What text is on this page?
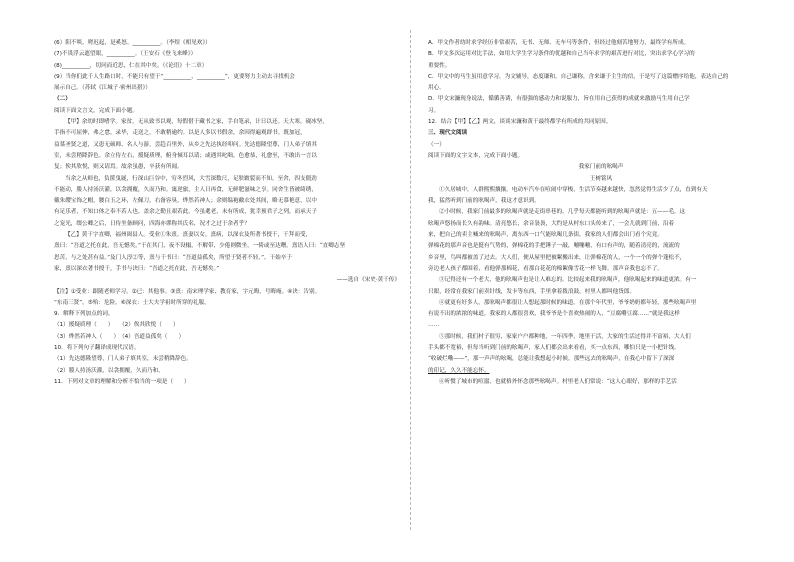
(6）阳不啖，嗟迟起，是奚怒。__________。（李煜《相见欢》）

(7)不畏浮云遮望眼，__________。（王安石《登飞来峰》）

(8)__________，切问而近思，仁在其中矣。（《论语》十二章）

(9）当你们此千人生路口时，不能只有望于“__________，__________”，更要努力主动去寻找机会

展示自己。（苏轼《江城子·密州出猎》）

（二）

阅读下面文言文，完成下面小题。

【甲】余幼时即嗜学。家贫，无从致书以观，每假借于藏书之家，手自笔录，计日以还。天大寒，砚冰坚，

手指不可屈伸，弗之怠。录毕，走送之，不敢稍逾约。以是人多以书假余，余因得遍观群书。既加冠，

益慕圣贤之道，又患无硕师、名人与游，尝趋百里外，从乡之先达执经叩问。先达德隆望尊，门人弟子填其

室，未尝稍降辞色。余立侍左右，援疑质理，俯身倾耳以请；或遇其叱咄，色愈恭，礼愈至，不敢出一言以

复；俟其欣悦，则又请焉。故余虽愚，卒获有所闻。

当余之从师也，负箧曳屣，行深山巨谷中，穷冬烈风，大雪深数尺，足肤皲裂而不知。至舍，四支僵劲

不能动，媵人持汤沃灌，以衾拥覆，久而乃和。寓逆旅，主人日再食，无鲜肥滋味之享。同舍生皆被绮绣，

戴朱缨宝饰之帽，腰白玉之环，左佩刀，右备容臭，烨然若神人；余则缊袍敝衣处其间，略无慕艳意，以中

有足乐者，不知口体之奉不若人也。盖余之勤且艰若此。今虽耄老，未有所成，犹幸预君子之列，而承天子

之宠光，缀公卿之后，日侍坐备顾问，四海亦谬称其氏名，况才之过于余者乎？

【乙】黄干字直卿，福州闽县人。受业①朱熹。熹妻以女。熹病，以深衣及所著书授干，干拜而受，

熹曰：“吾道之托在此，吾无憾矣。”干在其门，夜不设榻，不解带，少倦则微坐，一倚或至达曙。熹语人曰：“直卿志坚

思苦，与之处甚有益。”及门人淳②等，熹与干书曰：“吾道益孤矣，所望于贤者不轻，”。干始卒于

家，熹以深衣著书授干，手书与诀曰：“吾道之托在此，吾无憾矣。”

——选自《宋史·黄干传》

【注】①受业：跟随老师学习。②已：其他事。③熹：南宋理学家、教育家，字元晦，号晦庵。④诀：告别。

“东南三贤”。⑤殆：危险。⑥深衣：士大夫学祖时所穿的礼服。

9．解释下列加点的词。

（1）援疑质理（　　）　　（2）俟其欣悦（　　）

（3）烨然若神人（　　）　（4）吾道益孤矣（　　）

10．将下列句子翻译成现代汉语。

（1）先达德隆望尊，门人弟子填其室，未尝稍降辞色。

（2）媵人持汤沃灌，以衾拥覆，久而乃和。

11．下列对文章的理解和分析不恰当的一项是（　　）

A．甲文作者幼时求学经历非常艰苦，无书、无师、无车马等条件，但经过他刻苦地努力，最终学有所成。

B．甲文多次运用对比手法，如用大学生学习条件的优越和自己当年求学的艰苦进行对比，突出求学心学习的

重要性。

C．甲文中的马生虽用意学习，为文辅导，态度谦和，自己谦称，含来谦于主生的信，于是写了这篇赠序给他，表达自己的

用心。

D．甲文宋濂现身说法，循循善诱，有很强的感动力和说服力，旨在用自己获得的成就来激励马生用自己学

习。

12．结合【甲】【乙】两文，谈谈宋濂和黄干最终都学有所成的共同原因。

三、现代文阅读

（一）

阅读下面的文字文本，完成下面小题。

我家门前的吆喝声

王树铭风

①久居城中，人群熙熙攘攘，电动车汽车在喧闹中穿梭，生活节奏越来越快，忽然觉得生活少了点，直到有天

我，猛然听到门前的吆喝声，我这才意识到。

②小时候，我家门前最多的吆喝声就是走街串巷的。几乎每天都能听到的吆喝声就是：五——毛，这

吆喝声悠扬而长久有韵味。清亮悠长，余音袅袅，大约是从村东口头传来了，一会儿就到门前，沿着

来，把自己的卖主喊来的吆喝声，离东西一口气能吆喝几条街，我家的人们都会出门看个究竟。

弹棉花的那声音也是挺有气势的，弹棉花的手把锤子一敲，嘣嘣嘣，有口有声的，随着清亮的，流流的

乡音里，鸟叫都被盖了过去。大人们，便从屋里把被絮搬出来，让弹棉花的人，一个一个的弹个蓬松不，

旁边老人孩子都围着，看他弹那棉花，看那白花花的棉絮像雪花一样飞舞。那声音我也忘不了。

③记得还有一个老大，他的吆喝声也是让人难忘的。比较起来我的吆喝声，他吆喝起来的味道更浓。有一

只眼，经常在我家门前卖针线，发卡等东西，手里拿着拨浪鼓，村里人都叫他货郎。

④就更有好多人，那吆喝声都很让人想起那时候的味道。在那个年代里，爷爷奶奶都年轻，那些吆喝声里

有说不出的浓浓的味道，我家的人都很喜欢，我爷爷是个喜欢热闹的人，“豆腐嘞豆腐……”就是我这样

……

⑤那时候，我们村子很穷，家家户户都种地，一年四季，地里干活，大家的生活过得并不富裕，大人们

手头都不宽裕，但每当听到门前的吆喝声，家人们都会出来看看，买一点东西，哪怕只是一小把针线。

“收破烂嘞——”，那一声声的吆喝，总能让我想起小时候。那些远去的吆喝声，在我心中留下了深深

的印记，久久不能忘怀。

⑥听惯了城市的喧嚣，也就格外怀念那些吆喝声。村里老人们常说：“这人心眼好，那样的手艺活
